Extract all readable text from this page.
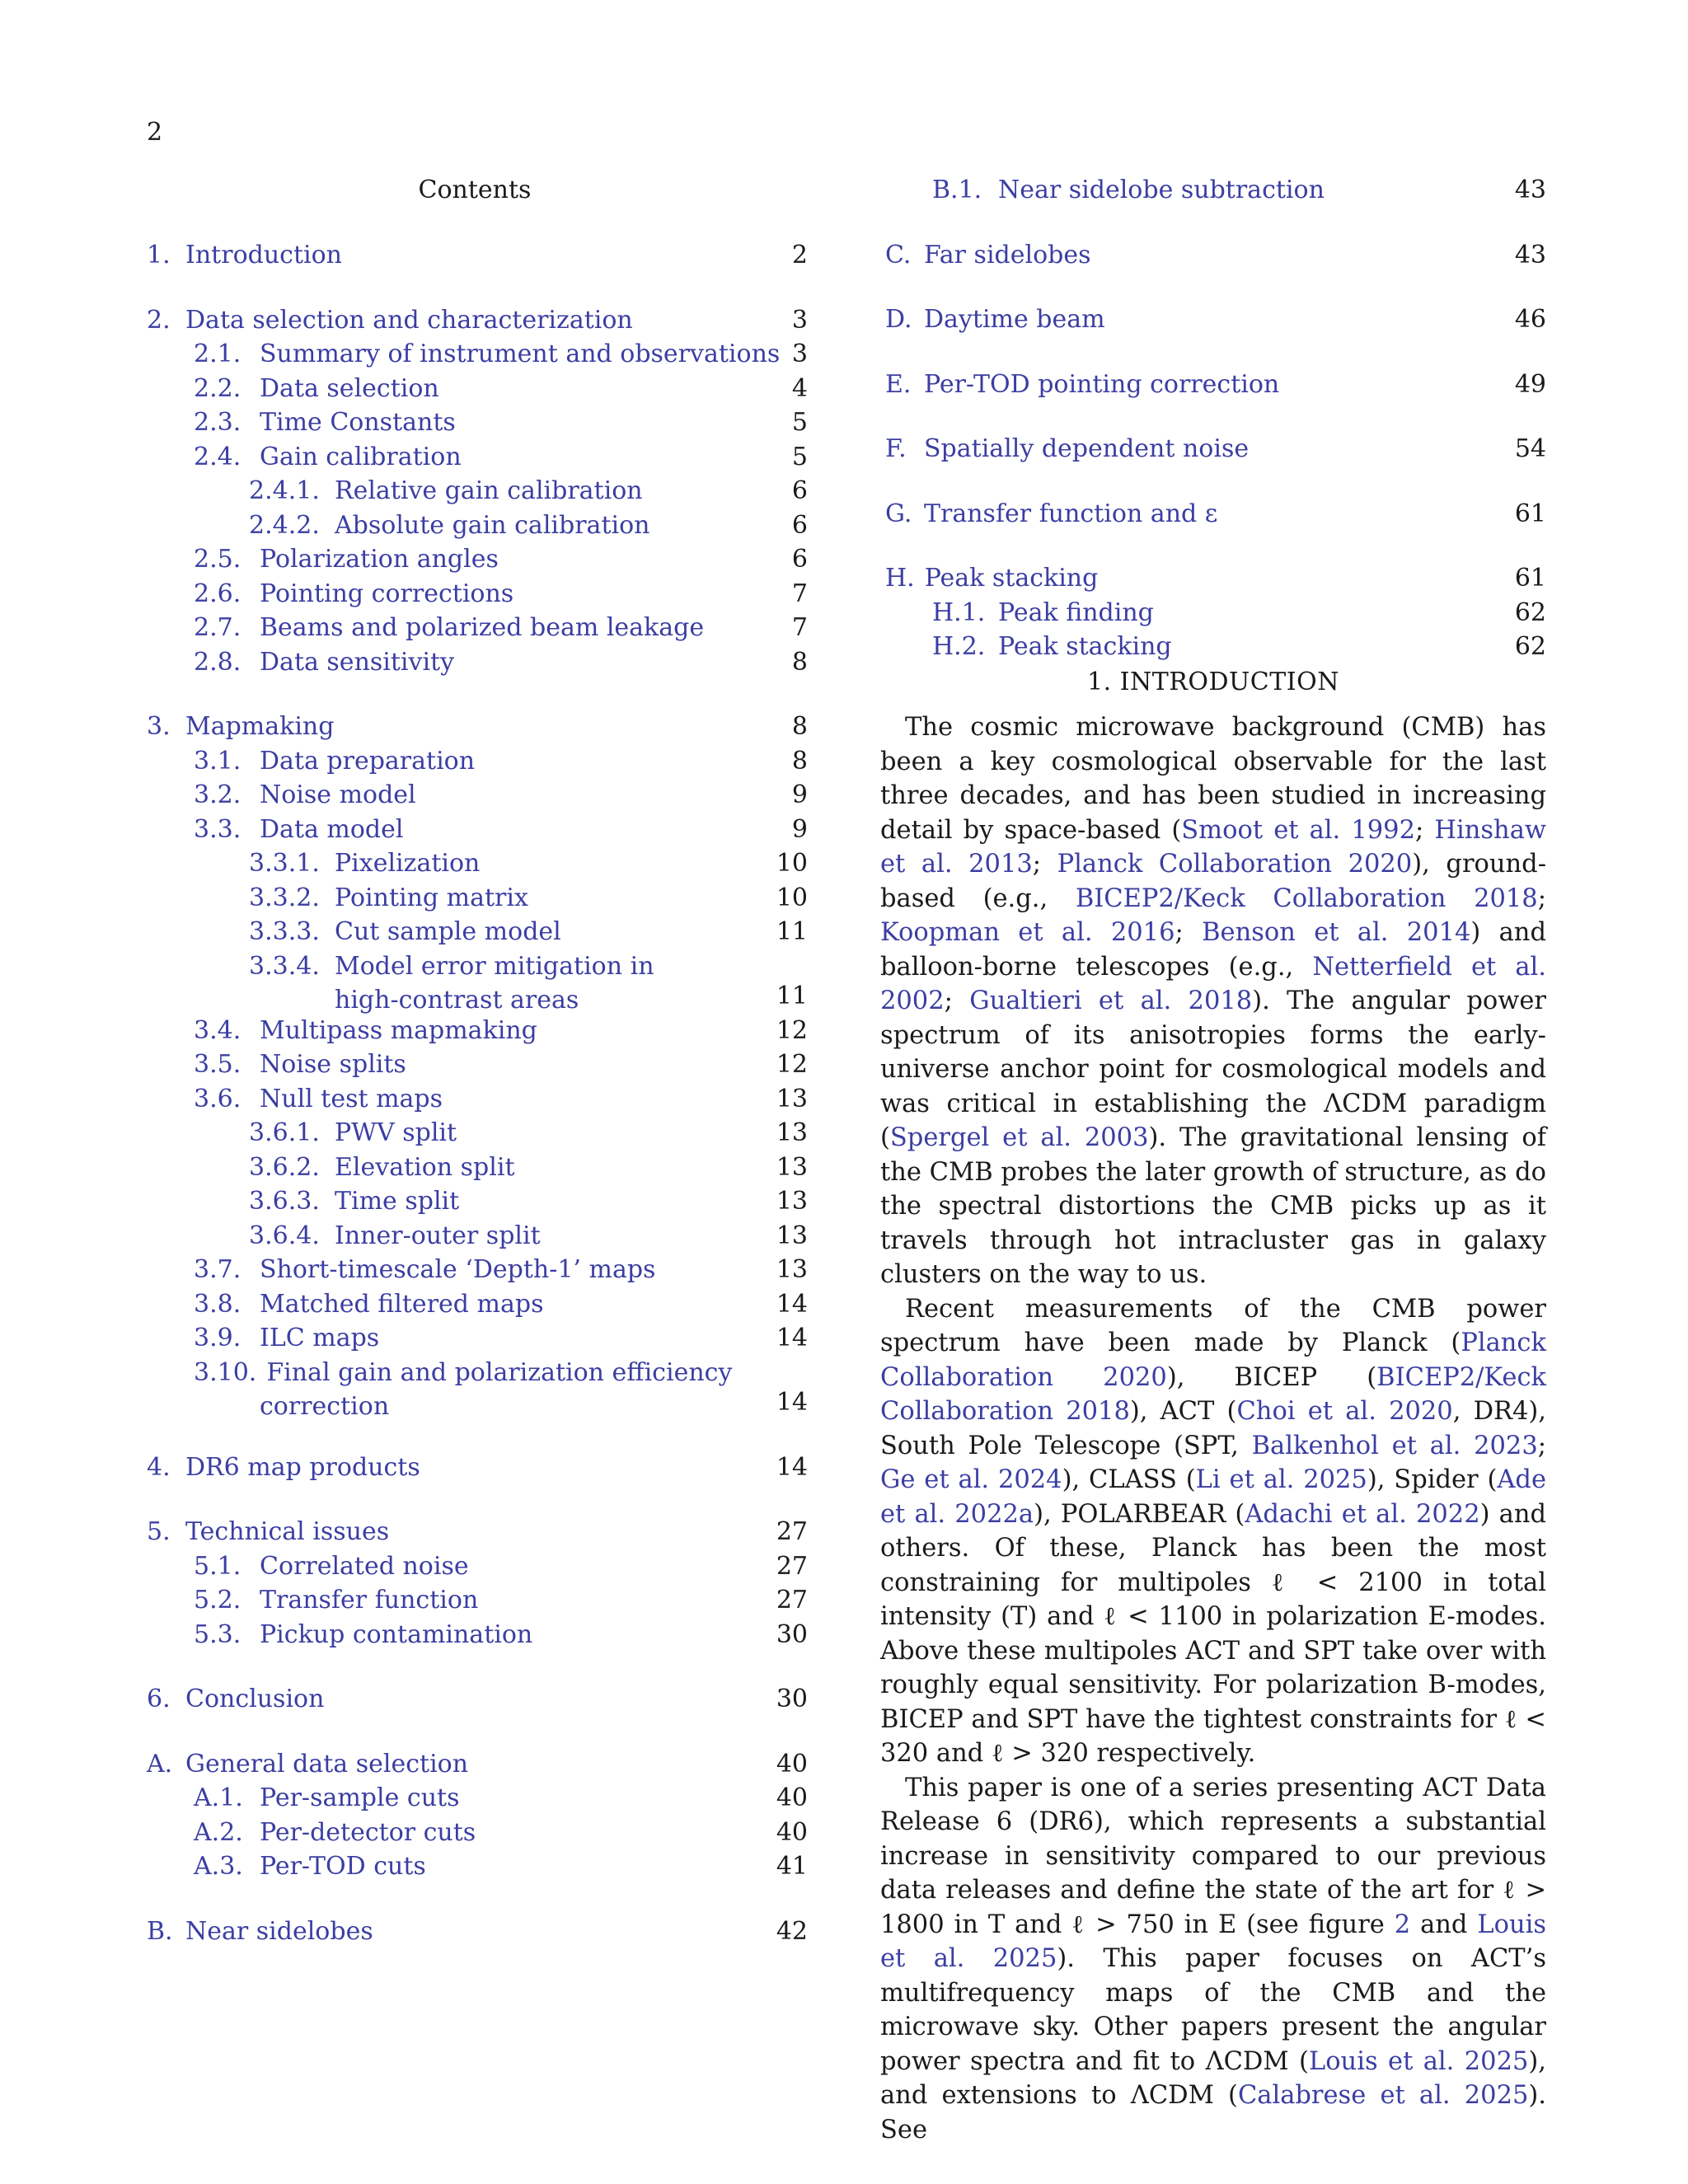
2
Contents
1. Introduction	2
2. Data selection and characterization	3
2.1. Summary of instrument and observations 3
2.2. Data selection	4
2.3. Time Constants	5
2.4. Gain calibration	5
2.4.1. Relative gain calibration	6
2.4.2. Absolute gain calibration	6
2.5. Polarization angles	6
2.6. Pointing corrections	7
2.7. Beams and polarized beam leakage	7
2.8. Data sensitivity	8
3. Mapmaking	8
3.1. Data preparation	8
3.2. Noise model	9
3.3. Data model	9
3.3.1. Pixelization	10
3.3.2. Pointing matrix	10
3.3.3. Cut sample model	11
3.3.4. Model error mitigation in
high-contrast areas	11
3.4. Multipass mapmaking	12
3.5. Noise splits	12
3.6. Null test maps	13
3.6.1. PWV split	13
3.6.2. Elevation split	13
3.6.3. Time split	13
3.6.4. Inner-outer split	13
3.7. Short-timescale ‘Depth-1’ maps	13
3.8. Matched filtered maps	14
3.9. ILC maps	14
3.10. Final gain and polarization efficiency
correction	14
4. DR6 map products	14
5. Technical issues	27
5.1. Correlated noise	27
5.2. Transfer function	27
5.3. Pickup contamination	30
6. Conclusion	30
A. General data selection	40
A.1. Per-sample cuts	40
A.2. Per-detector cuts	40
A.3. Per-TOD cuts	41
B. Near sidelobes	42
B.1. Near sidelobe subtraction	43
C. Far sidelobes	43
D. Daytime beam	46
E. Per-TOD pointing correction	49
F. Spatially dependent noise	54
G. Transfer function and ε	61
H. Peak stacking	61
H.1. Peak finding	62
H.2. Peak stacking	62
1. INTRODUCTION

The cosmic microwave background (CMB) has been a key cosmological observable for the last three decades, and has been studied in increasing detail by space-based (Smoot et al. 1992; Hinshaw et al. 2013; Planck Collaboration 2020), ground-based (e.g., BICEP2/Keck Collaboration 2018; Koopman et al. 2016; Benson et al. 2014) and balloon-borne telescopes (e.g., Netterfield et al. 2002; Gualtieri et al. 2018). The angular power spectrum of its anisotropies forms the early-universe anchor point for cosmological models and was critical in establishing the ΛCDM paradigm (Spergel et al. 2003). The gravitational lensing of the CMB probes the later growth of structure, as do the spectral distortions the CMB picks up as it travels through hot intracluster gas in galaxy clusters on the way to us.

Recent measurements of the CMB power spectrum have been made by Planck (Planck Collaboration 2020), BICEP (BICEP2/Keck Collaboration 2018), ACT (Choi et al. 2020, DR4), South Pole Telescope (SPT, Balkenhol et al. 2023; Ge et al. 2024), CLASS (Li et al. 2025), Spider (Ade et al. 2022a), POLARBEAR (Adachi et al. 2022) and others. Of these, Planck has been the most constraining for multipoles ℓ < 2100 in total intensity (T) and ℓ < 1100 in polarization E-modes. Above these multipoles ACT and SPT take over with roughly equal sensitivity. For polarization B-modes, BICEP and SPT have the tightest constraints for ℓ < 320 and ℓ > 320 respectively.

This paper is one of a series presenting ACT Data Release 6 (DR6), which represents a substantial increase in sensitivity compared to our previous data releases and define the state of the art for ℓ > 1800 in T and ℓ > 750 in E (see figure 2 and Louis et al. 2025). This paper focuses on ACT’s multifrequency maps of the CMB and the microwave sky. Other papers present the angular power spectra and fit to ΛCDM (Louis et al. 2025), and extensions to ΛCDM (Calabrese et al. 2025). See
